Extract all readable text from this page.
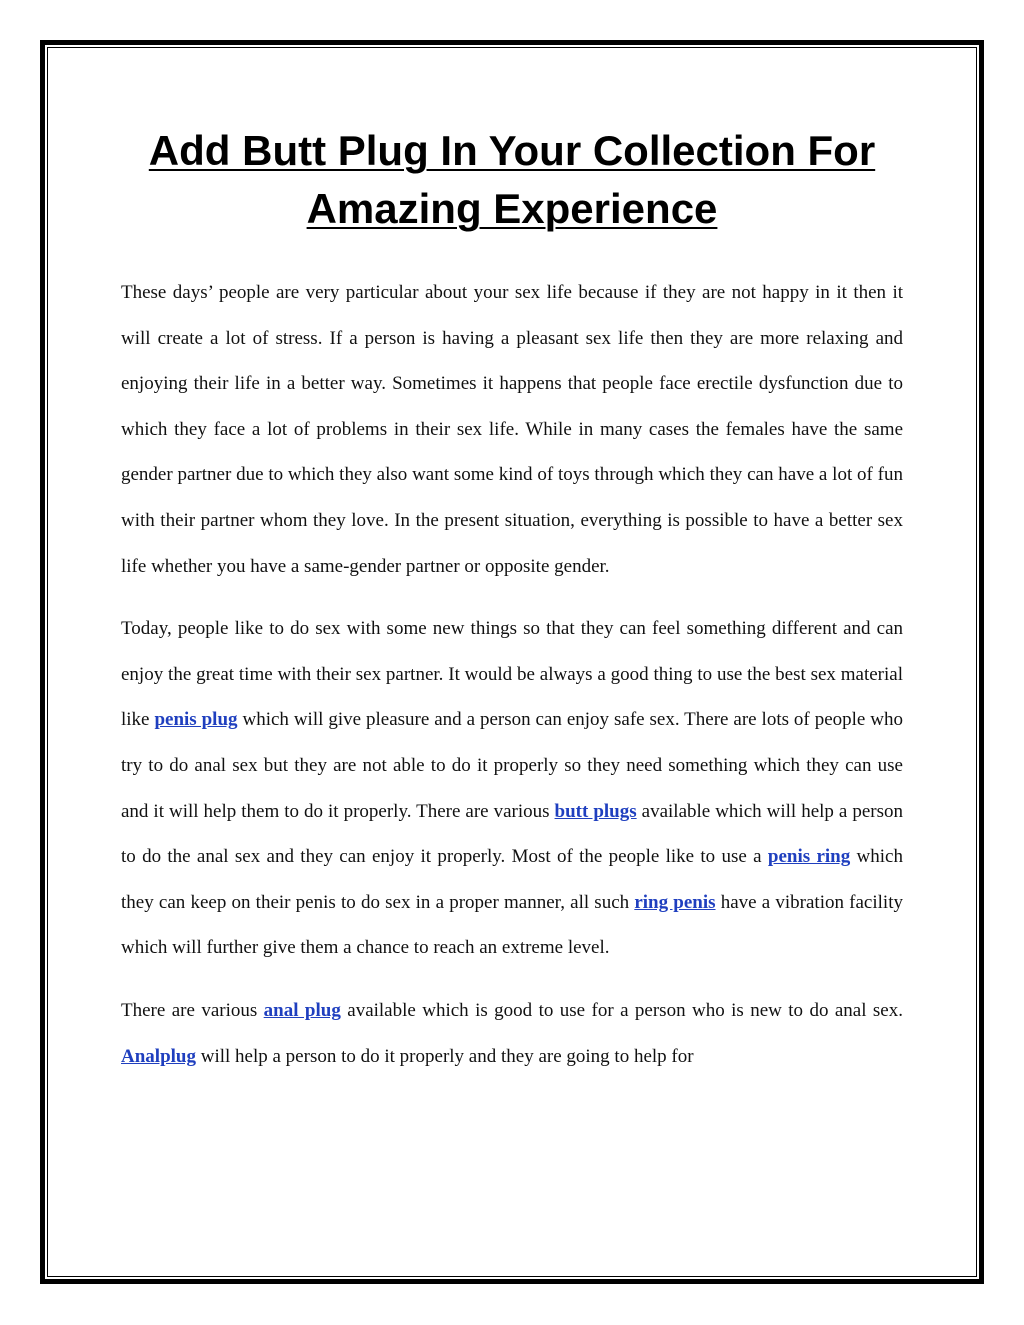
Add Butt Plug In Your Collection For
Amazing Experience

These days’ people are very particular about your sex life because if they are not happy in it then it will create a lot of stress. If a person is having a pleasant sex life then they are more relaxing and enjoying their life in a better way. Sometimes it happens that people face erectile dysfunction due to which they face a lot of problems in their sex life. While in many cases the females have the same gender partner due to which they also want some kind of toys through which they can have a lot of fun with their partner whom they love. In the present situation, everything is possible to have a better sex life whether you have a same-gender partner or opposite gender.

Today, people like to do sex with some new things so that they can feel something different and can enjoy the great time with their sex partner. It would be always a good thing to use the best sex material like penis plug which will give pleasure and a person can enjoy safe sex. There are lots of people who try to do anal sex but they are not able to do it properly so they need something which they can use and it will help them to do it properly. There are various butt plugs available which will help a person to do the anal sex and they can enjoy it properly. Most of the people like to use a penis ring which they can keep on their penis to do sex in a proper manner, all such ring penis have a vibration facility which will further give them a chance to reach an extreme level.

There are various anal plug available which is good to use for a person who is new to do anal sex. Analplug will help a person to do it properly and they are going to help for
